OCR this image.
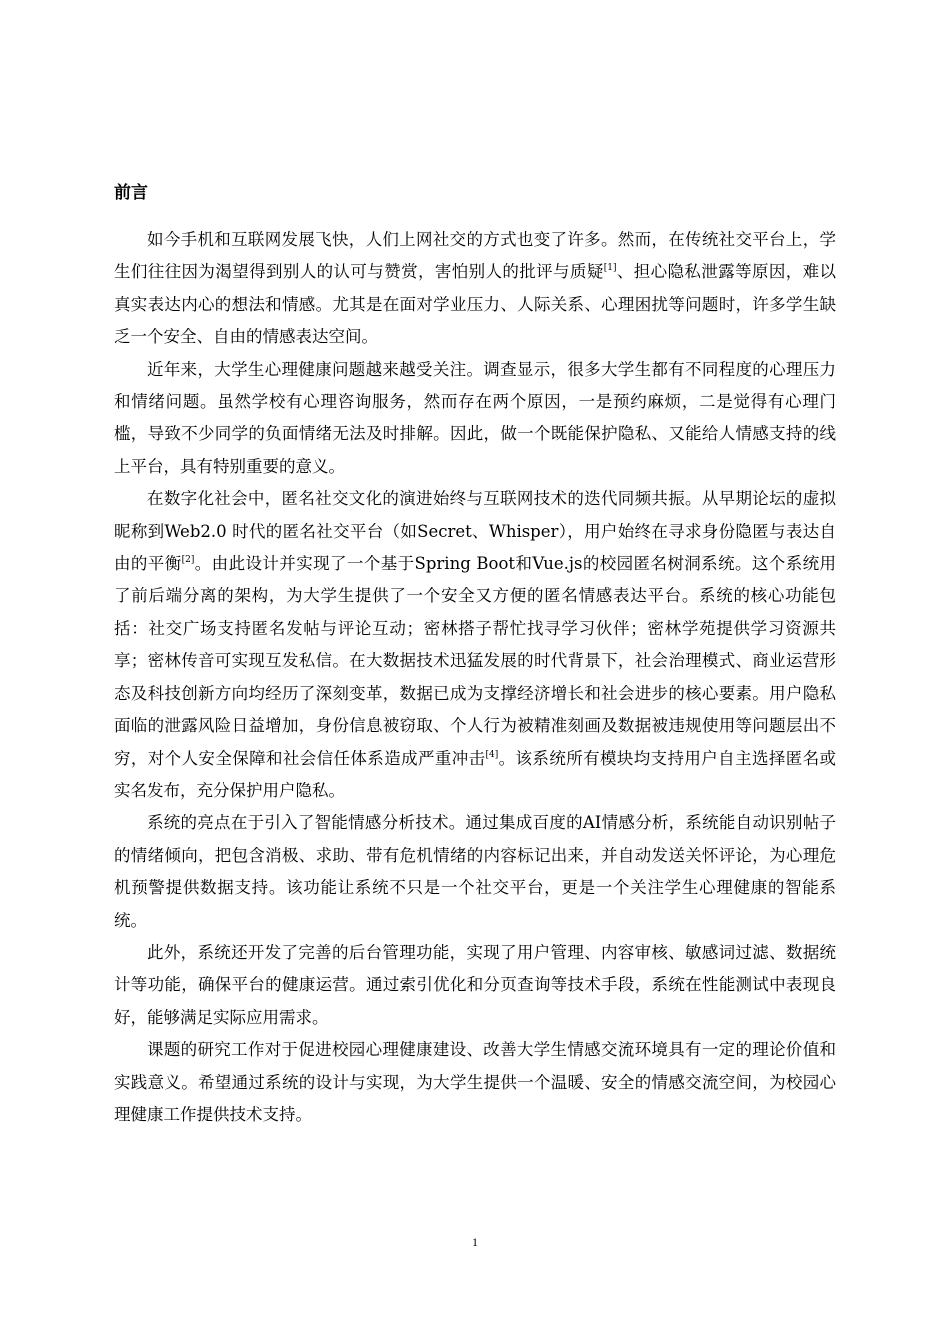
前言

如今手机和互联网发展飞快，人们上网社交的方式也变了许多。然而，在传统社交平台上，学生们往往因为渴望得到别人的认可与赞赏，害怕别人的批评与质疑[1]、担心隐私泄露等原因，难以真实表达内心的想法和情感。尤其是在面对学业压力、人际关系、心理困扰等问题时，许多学生缺乏一个安全、自由的情感表达空间。

近年来，大学生心理健康问题越来越受关注。调查显示，很多大学生都有不同程度的心理压力和情绪问题。虽然学校有心理咨询服务，然而存在两个原因，一是预约麻烦，二是觉得有心理门槛，导致不少同学的负面情绪无法及时排解。因此，做一个既能保护隐私、又能给人情感支持的线上平台，具有特别重要的意义。

在数字化社会中，匿名社交文化的演进始终与互联网技术的迭代同频共振。从早期论坛的虚拟昵称到Web2.0 时代的匿名社交平台（如Secret、Whisper），用户始终在寻求身份隐匿与表达自由的平衡[2]。由此设计并实现了一个基于Spring Boot和Vue.js的校园匿名树洞系统。这个系统用了前后端分离的架构，为大学生提供了一个安全又方便的匿名情感表达平台。系统的核心功能包括：社交广场支持匿名发帖与评论互动；密林搭子帮忙找寻学习伙伴；密林学苑提供学习资源共享；密林传音可实现互发私信。在大数据技术迅猛发展的时代背景下，社会治理模式、商业运营形态及科技创新方向均经历了深刻变革，数据已成为支撑经济增长和社会进步的核心要素。用户隐私面临的泄露风险日益增加，身份信息被窃取、个人行为被精准刻画及数据被违规使用等问题层出不穷，对个人安全保障和社会信任体系造成严重冲击[4]。该系统所有模块均支持用户自主选择匿名或实名发布，充分保护用户隐私。

系统的亮点在于引入了智能情感分析技术。通过集成百度的AI情感分析，系统能自动识别帖子的情绪倾向，把包含消极、求助、带有危机情绪的内容标记出来，并自动发送关怀评论，为心理危机预警提供数据支持。该功能让系统不只是一个社交平台，更是一个关注学生心理健康的智能系统。

此外，系统还开发了完善的后台管理功能，实现了用户管理、内容审核、敏感词过滤、数据统计等功能，确保平台的健康运营。通过索引优化和分页查询等技术手段，系统在性能测试中表现良好，能够满足实际应用需求。

课题的研究工作对于促进校园心理健康建设、改善大学生情感交流环境具有一定的理论价值和实践意义。希望通过系统的设计与实现，为大学生提供一个温暖、安全的情感交流空间，为校园心理健康工作提供技术支持。

1
